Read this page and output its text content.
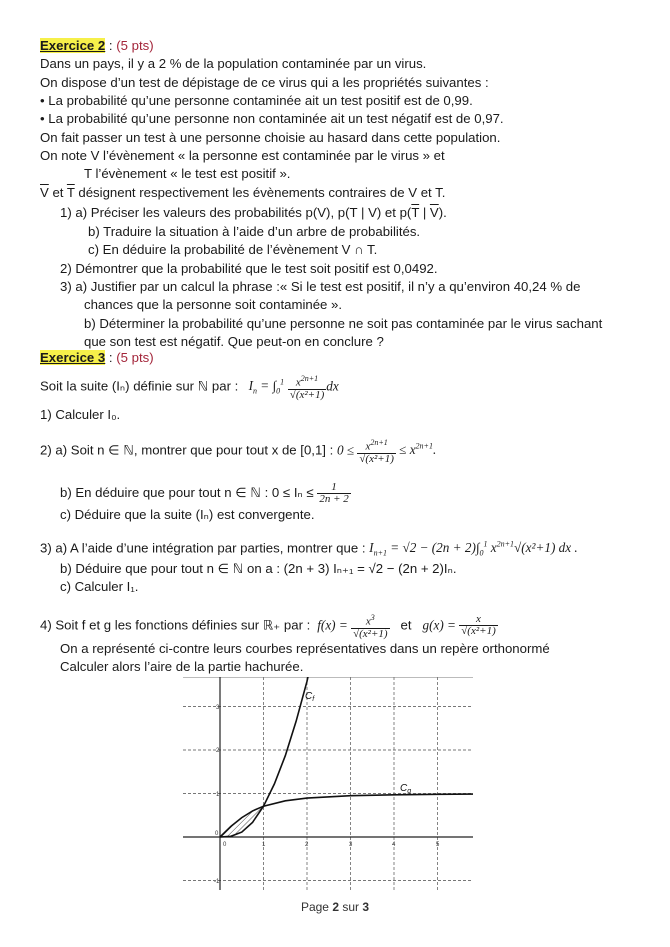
Exercice 2 : (5 pts)
Dans un pays, il y a 2 % de la population contaminée par un virus.
On dispose d’un test de dépistage de ce virus qui a les propriétés suivantes :
• La probabilité qu’une personne contaminée ait un test positif est de 0,99.
• La probabilité qu’une personne non contaminée ait un test négatif est de 0,97.
On fait passer un test à une personne choisie au hasard dans cette population.
On note V l’évènement « la personne est contaminée par le virus » et
T l’évènement « le test est positif ».
$\overline{V}$ et $\overline{T}$ désignent respectivement les évènements contraires de V et T.
1) a) Préciser les valeurs des probabilités p(V), p(T | V) et $p(\overline{T}$ | $\overline{V}$).
b) Traduire la situation à l’aide d’un arbre de probabilités.
c) En déduire la probabilité de l’évènement V ∩ T.
2) Démontrer que la probabilité que le test soit positif est 0,0492.
3) a) Justifier par un calcul la phrase :« Si le test est positif, il n’y a qu’environ 40,24 % de
chances que la personne soit contaminée ».
b) Déterminer la probabilité qu’une personne ne soit pas contaminée par le virus sachant
que son test est négatif. Que peut-on en conclure ?
Exercice 3 : (5 pts)
Soit la suite (Iₙ) définie sur ℕ par :   $I_n = \int_0^1 \frac{x^{2n+1}}{\text{√(x²+1)}}$ dx
1) Calculer I₀.
2) a) Soit n ∈ ℕ, montrer que pour tout x de [0,1] : $0 \le \frac{x^{2n+1}}{\text{√(x²+1)}} \le x^{2n+1}$.
b) En déduire que pour tout n ∈ ℕ : $0 \le I_n \le \frac{1}{2n + 2}$
c) Déduire que la suite (Iₙ) est convergente.
3) a) A l’aide d’une intégration par parties, montrer que : $I_{n+1} = √2 - (2n + 2)\int_0^1$ $x^{2n+1}√(x^2+1)$ dx .
b) Déduire que pour tout n ∈ ℕ on a : (2n + 3) Iₙ₊₁ = √2 − (2n + 2)Iₙ.
c) Calculer I₁.
4) Soit f et g les fonctions définies sur ℝ₊ par :  $f(x) = \frac{x^3}{\text{√(x²+1)}}$ et $g(x) = \frac{x}{\text{√(x²+1)}}$
On a représenté ci-contre leurs courbes représentatives dans un repère orthonormé
Calculer alors l’aire de la partie hachurée.
3
2
1
0
-1
0	1	2	3	4	5
$C_f$
$C_g$
Page 2 sur 3
